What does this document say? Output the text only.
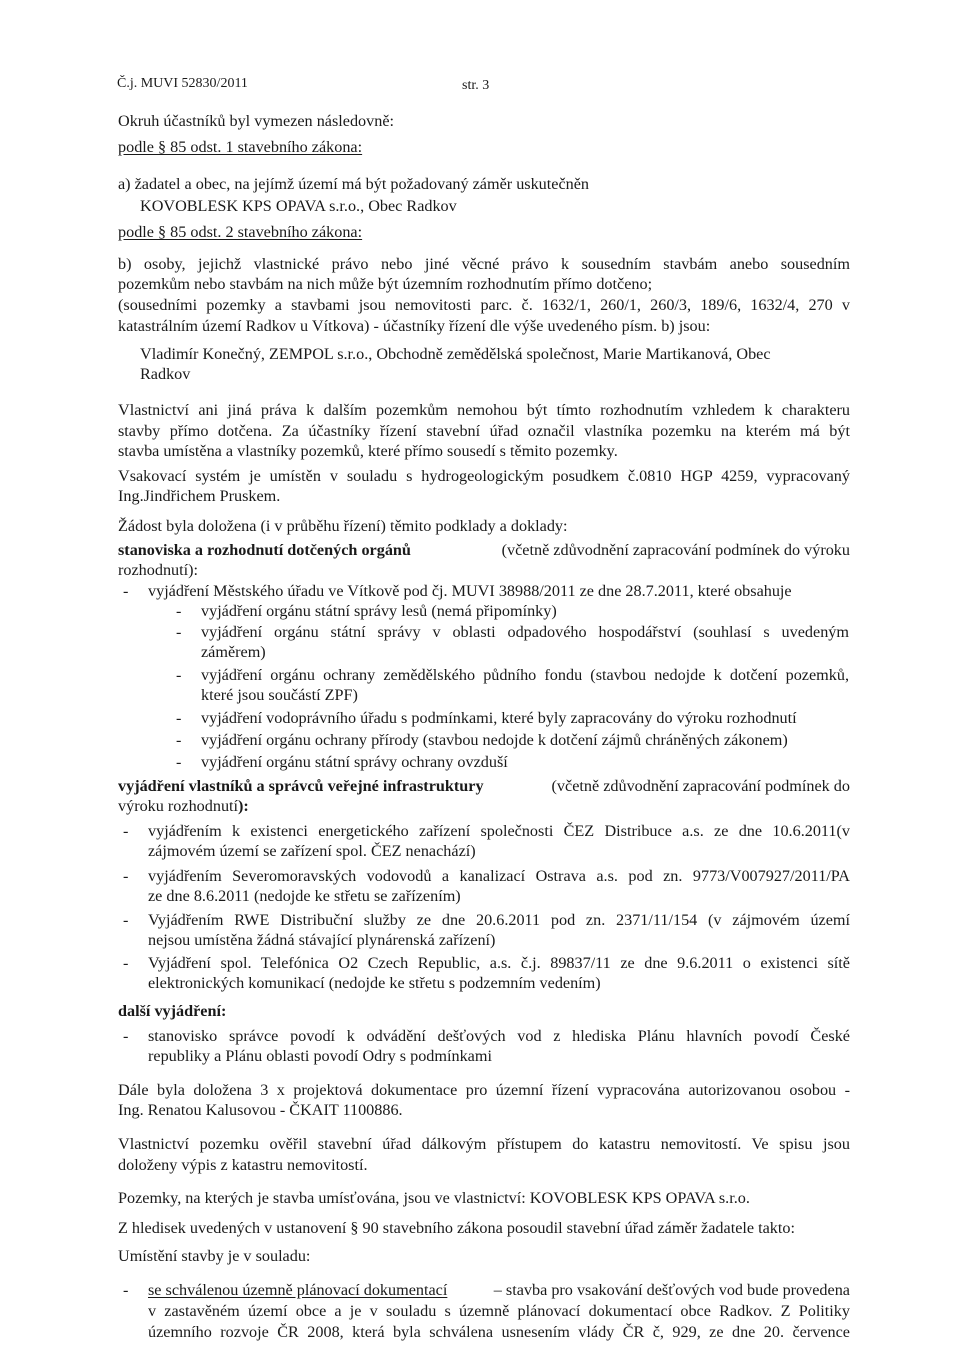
Č.j. MUVI 52830/2011	str. 3
Okruh účastníků byl vymezen následovně:
podle § 85 odst. 1 stavebního zákona:
a) žadatel a obec, na jejímž území má být požadovaný záměr uskutečněn
KOVOBLESK KPS OPAVA s.r.o., Obec Radkov
podle § 85 odst. 2 stavebního zákona:
b) osoby, jejichž vlastnické právo nebo jiné věcné právo k sousedním stavbám anebo sousedním
pozemkům nebo stavbám na nich může být územním rozhodnutím přímo dotčeno;
(sousedními pozemky a stavbami jsou nemovitosti parc. č. 1632/1, 260/1, 260/3, 189/6, 1632/4, 270 v
katastrálním území Radkov u Vítkova) - účastníky řízení dle výše uvedeného písm. b) jsou:
Vladimír Konečný, ZEMPOL s.r.o., Obchodně zemědělská společnost, Marie Martikanová, Obec
Radkov
Vlastnictví ani jiná práva k dalším pozemkům nemohou být tímto rozhodnutím vzhledem k charakteru
stavby přímo dotčena. Za účastníky řízení stavební úřad označil vlastníka pozemku na kterém má být
stavba umístěna a vlastníky pozemků, které přímo sousedí s těmito pozemky.
Vsakovací systém je umístěn v souladu s hydrogeologickým posudkem č.0810 HGP 4259, vypracovaný
Ing.Jindřichem Pruskem.
Žádost byla doložena (i v průběhu řízení) těmito podklady a doklady:
stanoviska a rozhodnutí dotčených orgánů	(včetně zdůvodnění zapracování podmínek do výroku
rozhodnutí):
- vyjádření Městského úřadu ve Vítkově pod čj. MUVI 38988/2011 ze dne 28.7.2011, které obsahuje
- vyjádření orgánu státní správy lesů (nemá připomínky)
- vyjádření orgánu státní správy v oblasti odpadového hospodářství (souhlasí s uvedeným
záměrem)
- vyjádření orgánu ochrany zemědělského půdního fondu (stavbou nedojde k dotčení pozemků,
které jsou součástí ZPF)
- vyjádření vodoprávního úřadu s podmínkami, které byly zapracovány do výroku rozhodnutí
- vyjádření orgánu ochrany přírody (stavbou nedojde k dotčení zájmů chráněných zákonem)
- vyjádření orgánu státní správy ochrany ovzduší
vyjádření vlastníků a správců veřejné infrastruktury	(včetně zdůvodnění zapracování podmínek do
výroku rozhodnutí):
- vyjádřením k existenci energetického zařízení společnosti ČEZ Distribuce a.s. ze dne 10.6.2011(v
zájmovém území se zařízení spol. ČEZ nenachází)
- vyjádřením Severomoravských vodovodů a kanalizací Ostrava a.s. pod zn. 9773/V007927/2011/PA
ze dne 8.6.2011 (nedojde ke střetu se zařízením)
- Vyjádřením RWE Distribuční služby ze dne 20.6.2011 pod zn. 2371/11/154 (v zájmovém území
nejsou umístěna žádná stávající plynárenská zařízení)
- Vyjádření spol. Telefónica O2 Czech Republic, a.s. č.j. 89837/11 ze dne 9.6.2011 o existenci sítě
elektronických komunikací (nedojde ke střetu s podzemním vedením)
další vyjádření:
- stanovisko správce povodí k odvádění dešťových vod z hlediska Plánu hlavních povodí České
republiky a Plánu oblasti povodí Odry s podmínkami
Dále byla doložena 3 x projektová dokumentace pro územní řízení vypracována autorizovanou osobou -
Ing. Renatou Kalusovou - ČKAIT 1100886.
Vlastnictví pozemku ověřil stavební úřad dálkovým přístupem do katastru nemovitostí. Ve spisu jsou
doloženy výpis z katastru nemovitostí.
Pozemky, na kterých je stavba umísťována, jsou ve vlastnictví: KOVOBLESK KPS OPAVA s.r.o.
Z hledisek uvedených v ustanovení § 90 stavebního zákona posoudil stavební úřad záměr žadatele takto:
Umístění stavby je v souladu:
- se schválenou územně plánovací dokumentací	– stavba pro vsakování dešťových vod bude provedena
v zastavěném území obce a je v souladu s územně plánovací dokumentací obce Radkov. Z Politiky
územního rozvoje ČR 2008, která byla schválena usnesením vlády ČR č, 929, ze dne 20. července
